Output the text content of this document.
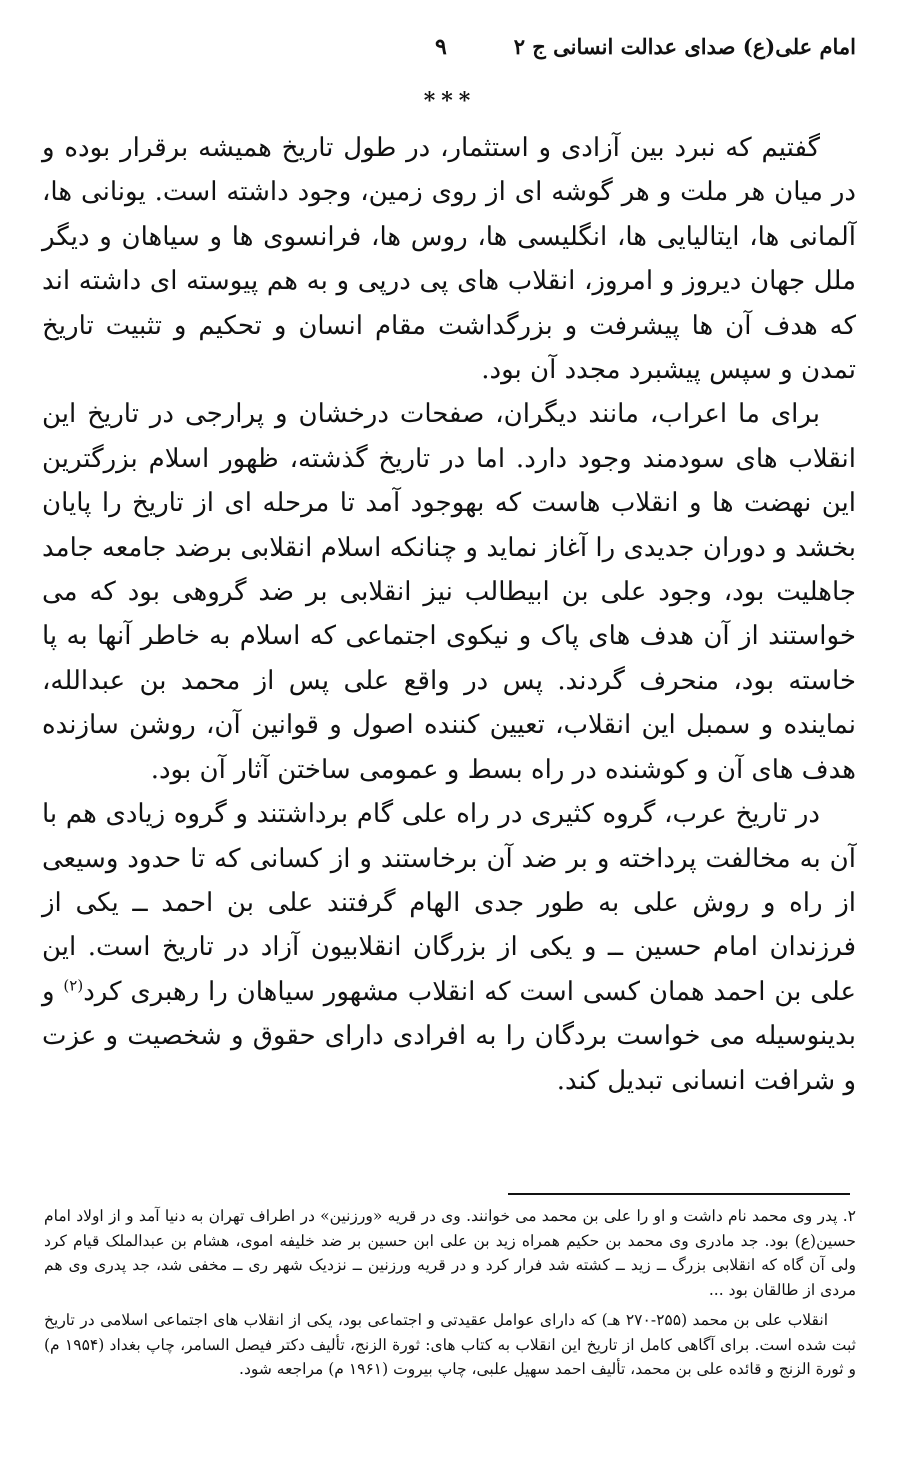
امام علی(ع) صدای عدالت انسانی ج ۲
۹
***

گفتیم که نبرد بین آزادی و استثمار، در طول تاریخ همیشه برقرار بوده و در میان هر ملت و هر گوشه ای از روی زمین، وجود داشته است. یونانی ها، آلمانی ها، ایتالیایی ها، انگلیسی ها، روس ها، فرانسوی ها و سیاهان و دیگر ملل جهان دیروز و امروز، انقلاب های پی درپی و به هم پیوسته ای داشته اند که هدف آن ها پیشرفت و بزرگداشت مقام انسان و تحکیم و تثبیت تاریخ تمدن و سپس پیشبرد مجدد آن بود.

برای ما اعراب، مانند دیگران، صفحات درخشان و پرارجی در تاریخ این انقلاب های سودمند وجود دارد. اما در تاریخ گذشته، ظهور اسلام بزرگترین این نهضت ها و انقلاب هاست که بهوجود آمد تا مرحله ای از تاریخ را پایان بخشد و دوران جدیدی را آغاز نماید و چنانکه اسلام انقلابی برضد جامعه جامد جاهلیت بود، وجود علی بن ابیطالب نیز انقلابی بر ضد گروهی بود که می خواستند از آن هدف های پاک و نیکوی اجتماعی که اسلام به خاطر آنها به پا خاسته بود، منحرف گردند. پس در واقع علی پس از محمد بن عبدالله، نماینده و سمبل این انقلاب، تعیین کننده اصول و قوانین آن، روشن سازنده هدف های آن و کوشنده در راه بسط و عمومی ساختن آثار آن بود.

در تاریخ عرب، گروه کثیری در راه علی گام برداشتند و گروه زیادی هم با آن به مخالفت پرداخته و بر ضد آن برخاستند و از کسانی که تا حدود وسیعی از راه و روش علی به طور جدی الهام گرفتند علی بن احمد ــ یکی از فرزندان امام حسین ــ و یکی از بزرگان انقلابیون آزاد در تاریخ است. این علی بن احمد همان کسی است که انقلاب مشهور سیاهان را رهبری کرد$^{(۲)}$ و بدینوسیله می خواست بردگان را به افرادی دارای حقوق و شخصیت و عزت و شرافت انسانی تبدیل کند.

۲. پدر وی محمد نام داشت و او را علی بن محمد می خوانند. وی در قریه «ورزنین» در اطراف تهران به دنیا آمد و از اولاد امام حسین(ع) بود. جد مادری وی محمد بن حکیم همراه زید بن علی ابن حسین بر ضد خلیفه اموی، هشام بن عبدالملک قیام کرد ولی آن گاه که انقلابی بزرگ ــ زید ــ کشته شد فرار کرد و در قریه ورزنین ــ نزدیک شهر ری ــ مخفی شد، جد پدری وی هم مردی از طالقان بود ...

انقلاب علی بن محمد (۲۵۵-۲۷۰ هـ) که دارای عوامل عقیدتی و اجتماعی بود، یکی از انقلاب های اجتماعی اسلامی در تاریخ ثبت شده است. برای آگاهی کامل از تاریخ این انقلاب به کتاب های: ثورة الزنج، تألیف دکتر فیصل السامر، چاپ بغداد (۱۹۵۴ م) و ثورة الزنج و قائده علی بن محمد، تألیف احمد سهیل علبی، چاپ بیروت (۱۹۶۱ م) مراجعه شود.
